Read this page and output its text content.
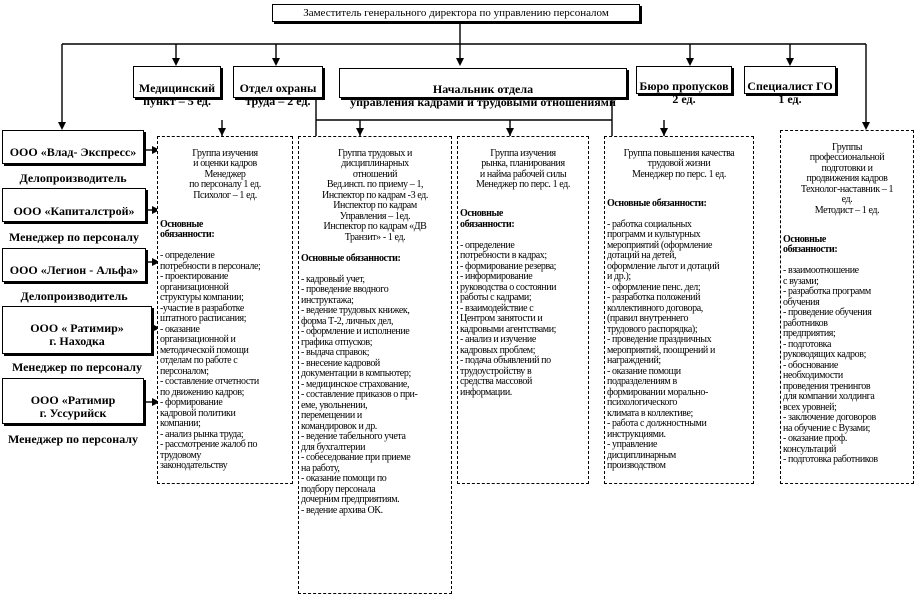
Заместитель генерального директора по управлению персоналом

Медицинский
пункт – 5 ед.

Отдел охраны
труда – 2 ед.

Начальник отдела
управления кадрами и трудовыми отношениями

Бюро пропусков
2 ед.

Специалист ГО
1 ед.

ООО «Влад- Экспресс»

Делопроизводитель

ООО «Капиталстрой»

Менеджер по персоналу

ООО «Легион - Альфа»

Делопроизводитель

ООО « Ратимир»
г. Находка

Менеджер по персоналу

ООО «Ратимир
г. Уссурийск

Менеджер по персоналу

Группа изучения
и оценки кадров
Менеджер
по персоналу 1 ед.
Психолог – 1 ед.

Основные
обязанности:

- определение
потребности в персонале;
- проектирование
организационной
структуры компании;
-участие в разработке
штатного расписания;
- оказание
организационной и
методической помощи
отделам по работе с
персоналом;
- составление отчетности
по движению кадров;
- формирование
кадровой политики
компании;
- анализ рынка труда;
- рассмотрение жалоб по
трудовому
законодательству

Группа трудовых и
дисциплинарных
отношений
Вед.инсп. по приему – 1,
Инспектор по кадрам -3 ед.
Инспектор по кадрам
Управления – 1ед.
Инспектор по кадрам «ДВ
Транзит» - 1 ед.

Основные обязанности:

- кадровый учет,
- проведение вводного
инструктажа;
- ведение трудовых книжек,
форма Т-2, личных дел,
- оформление и исполнение
графика отпусков;
- выдача справок;
- внесение кадровой
документации в компьютер;
- медицинское страхование,
- составление приказов о при-
еме, увольнении,
перемещении и
командировок и др.
- ведение табельного учета
для бухгалтерии
- собеседование при приеме
на работу,
- оказание помощи по
подбору персонала
дочерним предприятиям.
- ведение архива ОК.

Группа изучения
рынка, планирования
и найма рабочей силы
Менеджер по перс. 1 ед.

Основные
обязанности:

- определение
потребности в кадрах;
- формирование резерва;
- информирование
руководства о состоянии
работы с кадрами;
- взаимодействие с
Центром занятости и
кадровыми агентствами;
- анализ и изучение
кадровых проблем;
- подача объявлений по
трудоустройству в
средства массовой
информации.

Группа повышения качества
трудовой жизни
Менеджер по перс. 1 ед.

Основные обязанности:

- работка социальных
программ и культурных
мероприятий (оформление
дотаций на детей,
оформление льгот и дотаций
и др.);
- оформление пенс. дел;
- разработка положений
коллективного договора,
(правил внутреннего
трудового распорядка);
- проведение праздничных
мероприятий, поощрений и
награждений;
- оказание помощи
подразделениям в
формировании морально-
психологического
климата в коллективе;
- работа с должностными
инструкциями.
- управление
дисциплинарным
производством

Группы
профессиональной
подготовки и
продвижения кадров
Технолог-наставник – 1
ед.
Методист – 1 ед.

Основные
обязанности:

- взаимоотношение
с вузами;
- разработка программ
обучения
- проведение обучения
работников
предприятия;
- подготовка
руководящих кадров;
- обоснование
необходимости
проведения тренингов
для компании холдинга
всех уровней;
- заключение договоров
на обучение с Вузами;
- оказание проф.
консультаций
- подготовка работников
